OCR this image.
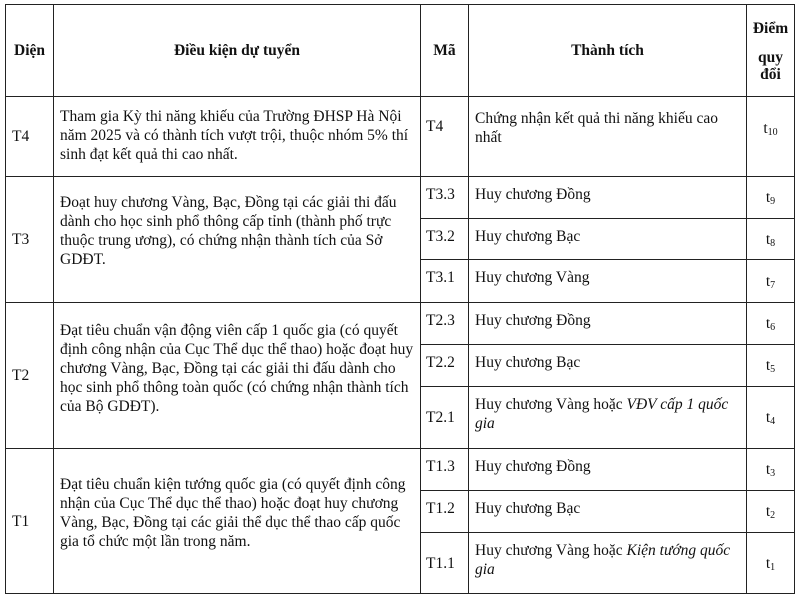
Diện	Điều kiện dự tuyển	Mã	Thành tích	Điểm
quy
đổi

T4	Tham gia Kỳ thi năng khiếu của Trường ĐHSP Hà Nội năm 2025 và có thành tích vượt trội, thuộc nhóm 5% thí sinh đạt kết quả thi cao nhất.	T4	Chứng nhận kết quả thi năng khiếu cao nhất	$t_{10}$
T3	Đoạt huy chương Vàng, Bạc, Đồng tại các giải thi đấu dành cho học sinh phổ thông cấp tỉnh (thành phố trực thuộc trung ương), có chứng nhận thành tích của Sở GDĐT.	T3.3	Huy chương Đồng	$t_9$
		T3.2	Huy chương Bạc	$t_8$
		T3.1	Huy chương Vàng	$t_7$
T2	Đạt tiêu chuẩn vận động viên cấp 1 quốc gia (có quyết định công nhận của Cục Thể dục thể thao) hoặc đoạt huy chương Vàng, Bạc, Đồng tại các giải thi đấu dành cho học sinh phổ thông toàn quốc (có chứng nhận thành tích của Bộ GDĐT).	T2.3	Huy chương Đồng	$t_6$
		T2.2	Huy chương Bạc	$t_5$
		T2.1	Huy chương Vàng hoặc VĐV cấp 1 quốc gia	$t_4$
T1	Đạt tiêu chuẩn kiện tướng quốc gia (có quyết định công nhận của Cục Thể dục thể thao) hoặc đoạt huy chương Vàng, Bạc, Đồng tại các giải thể dục thể thao cấp quốc gia tổ chức một lần trong năm.	T1.3	Huy chương Đồng	$t_3$
		T1.2	Huy chương Bạc	$t_2$
		T1.1	Huy chương Vàng hoặc Kiện tướng quốc gia	$t_1$
